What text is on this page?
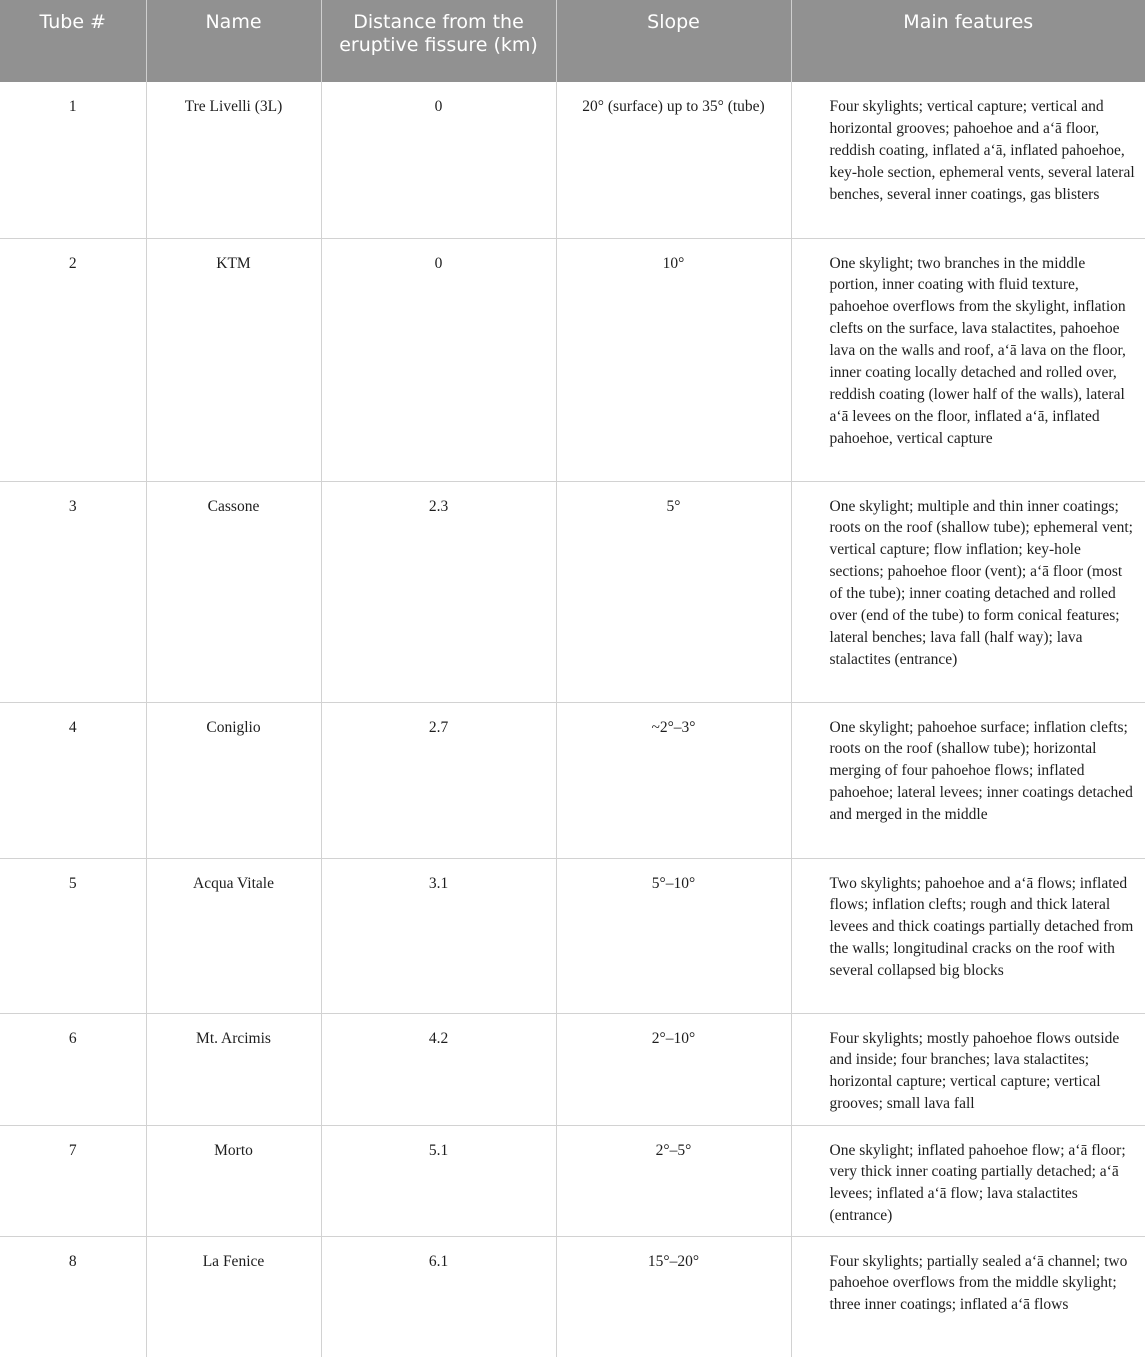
Tube #	Name	Distance from the eruptive fissure (km)	Slope	Main features
1	Tre Livelli (3L)	0	20° (surface) up to 35° (tube)	Four skylights; vertical capture; vertical and horizontal grooves; pahoehoe and aʻā floor, reddish coating, inflated aʻā, inflated pahoehoe, key-hole section, ephemeral vents, several lateral benches, several inner coatings, gas blisters
2	KTM	0	10°	One skylight; two branches in the middle portion, inner coating with fluid texture, pahoehoe overflows from the skylight, inflation clefts on the surface, lava stalactites, pahoehoe lava on the walls and roof, aʻā lava on the floor, inner coating locally detached and rolled over, reddish coating (lower half of the walls), lateral aʻā levees on the floor, inflated aʻā, inflated pahoehoe, vertical capture
3	Cassone	2.3	5°	One skylight; multiple and thin inner coatings; roots on the roof (shallow tube); ephemeral vent; vertical capture; flow inflation; key-hole sections; pahoehoe floor (vent); aʻā floor (most of the tube); inner coating detached and rolled over (end of the tube) to form conical features; lateral benches; lava fall (half way); lava stalactites (entrance)
4	Coniglio	2.7	~2°–3°	One skylight; pahoehoe surface; inflation clefts; roots on the roof (shallow tube); horizontal merging of four pahoehoe flows; inflated pahoehoe; lateral levees; inner coatings detached and merged in the middle
5	Acqua Vitale	3.1	5°–10°	Two skylights; pahoehoe and aʻā flows; inflated flows; inflation clefts; rough and thick lateral levees and thick coatings partially detached from the walls; longitudinal cracks on the roof with several collapsed big blocks
6	Mt. Arcimis	4.2	2°–10°	Four skylights; mostly pahoehoe flows outside and inside; four branches; lava stalactites; horizontal capture; vertical capture; vertical grooves; small lava fall
7	Morto	5.1	2°–5°	One skylight; inflated pahoehoe flow; aʻā floor; very thick inner coating partially detached; aʻā levees; inflated aʻā flow; lava stalactites (entrance)
8	La Fenice	6.1	15°–20°	Four skylights; partially sealed aʻā channel; two pahoehoe overflows from the middle skylight; three inner coatings; inflated aʻā flows
